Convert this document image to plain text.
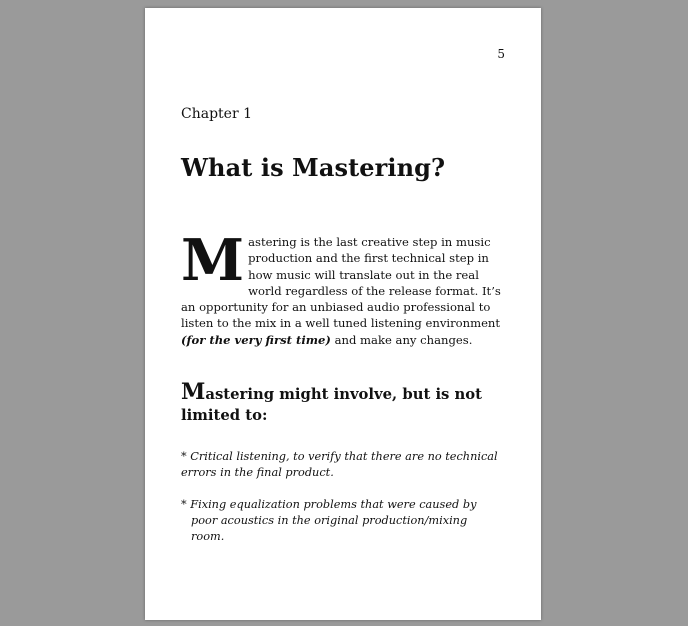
5
Chapter 1
What is Mastering?

Mastering is the last creative step in music production and the first technical step in how music will translate out in the real world regardless of the release format. It’s an opportunity for an unbiased audio professional to listen to the mix in a well tuned listening environment (for the very first time) and make any changes.

Mastering might involve, but is not limited to:

* Critical listening, to verify that there are no technical errors in the final product.

* Fixing equalization problems that were caused by poor acoustics in the original production/mixing room.
